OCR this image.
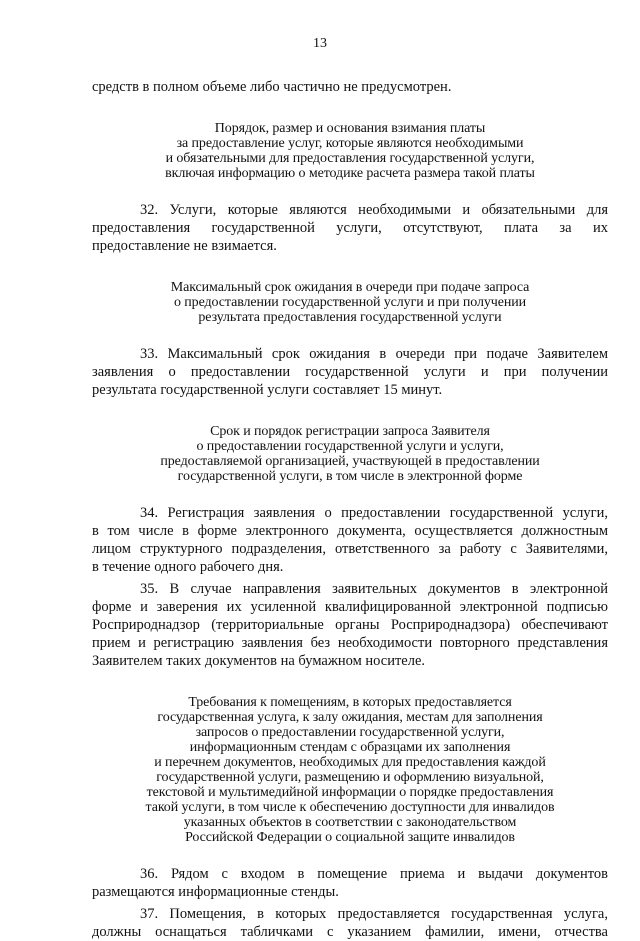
13
средств в полном объеме либо частично не предусмотрен.
Порядок, размер и основания взимания платы
за предоставление услуг, которые являются необходимыми
и обязательными для предоставления государственной услуги,
включая информацию о методике расчета размера такой платы
32. Услуги, которые являются необходимыми и обязательными для
предоставления государственной услуги, отсутствуют, плата за их
предоставление не взимается.
Максимальный срок ожидания в очереди при подаче запроса
о предоставлении государственной услуги и при получении
результата предоставления государственной услуги
33. Максимальный срок ожидания в очереди при подаче Заявителем
заявления о предоставлении государственной услуги и при получении
результата государственной услуги составляет 15 минут.
Срок и порядок регистрации запроса Заявителя
о предоставлении государственной услуги и услуги,
предоставляемой организацией, участвующей в предоставлении
государственной услуги, в том числе в электронной форме
34. Регистрация заявления о предоставлении государственной услуги,
в том числе в форме электронного документа, осуществляется должностным
лицом структурного подразделения, ответственного за работу с Заявителями,
в течение одного рабочего дня.
35. В случае направления заявительных документов в электронной
форме и заверения их усиленной квалифицированной электронной подписью
Росприроднадзор (территориальные органы Росприроднадзора) обеспечивают
прием и регистрацию заявления без необходимости повторного представления
Заявителем таких документов на бумажном носителе.
Требования к помещениям, в которых предоставляется
государственная услуга, к залу ожидания, местам для заполнения
запросов о предоставлении государственной услуги,
информационным стендам с образцами их заполнения
и перечнем документов, необходимых для предоставления каждой
государственной услуги, размещению и оформлению визуальной,
текстовой и мультимедийной информации о порядке предоставления
такой услуги, в том числе к обеспечению доступности для инвалидов
указанных объектов в соответствии с законодательством
Российской Федерации о социальной защите инвалидов
36. Рядом с входом в помещение приема и выдачи документов
размещаются информационные стенды.
37. Помещения, в которых предоставляется государственная услуга,
должны оснащаться табличками с указанием фамилии, имени, отчества
